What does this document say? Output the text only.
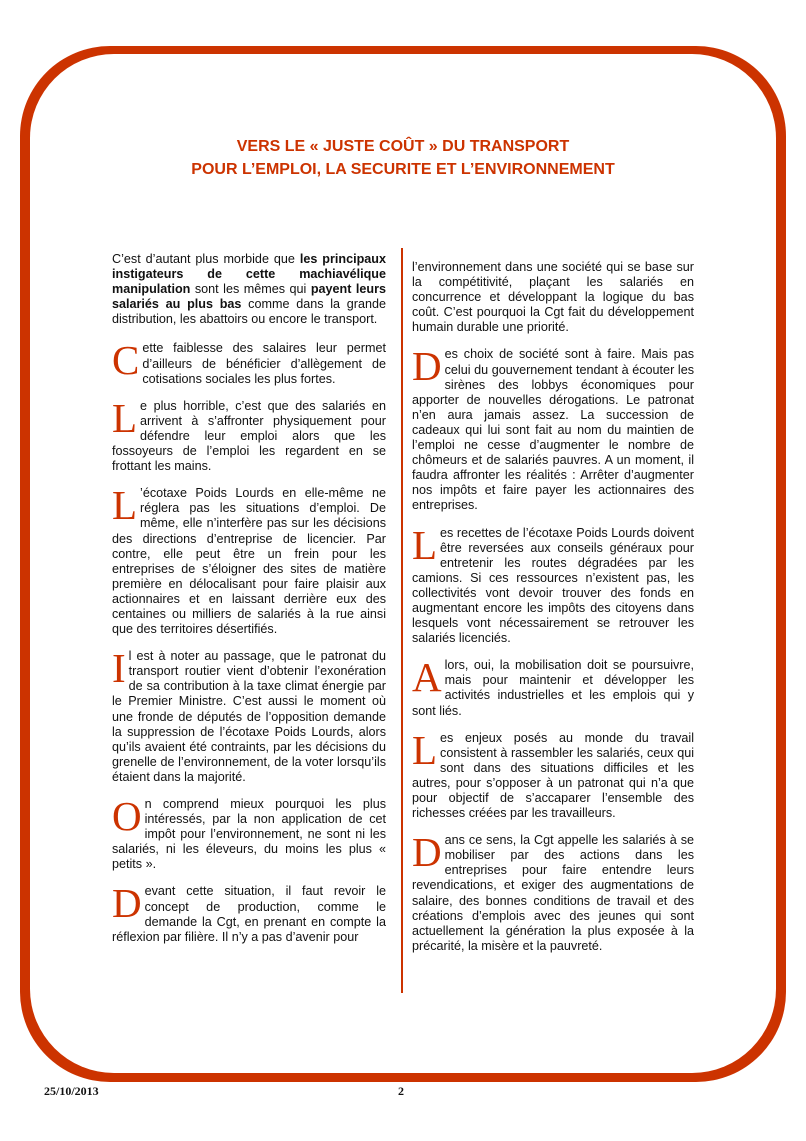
VERS LE « JUSTE COÛT » DU TRANSPORT
POUR L’EMPLOI, LA SECURITE ET L’ENVIRONNEMENT

C’est d’autant plus morbide que les principaux instigateurs de cette machiavélique manipulation sont les mêmes qui payent leurs salariés au plus bas comme dans la grande distribution, les abattoirs ou encore le transport.

Cette faiblesse des salaires leur permet d’ailleurs de bénéficier d’allègement de cotisations sociales les plus fortes.

Le plus horrible, c’est que des salariés en arrivent à s’affronter physiquement pour défendre leur emploi alors que les fossoyeurs de l’emploi les regardent en se frottant les mains.

L ’écotaxe Poids Lourds en elle-même ne réglera pas les situations d’emploi. De même, elle n’interfère pas sur les décisions des directions d’entreprise de licencier. Par contre, elle peut être un frein pour les entreprises de s’éloigner des sites de matière première en délocalisant pour faire plaisir aux actionnaires et en laissant derrière eux des centaines ou milliers de salariés à la rue ainsi que des territoires désertifiés.

Il est à noter au passage, que le patronat du transport routier vient d’obtenir l’exonération de sa contribution à la taxe climat énergie par le Premier Ministre. C’est aussi le moment où une fronde de députés de l’opposition demande la suppression de l’écotaxe Poids Lourds, alors qu’ils avaient été contraints, par les décisions du grenelle de l’environnement, de la voter lorsqu’ils étaient dans la majorité.

On comprend mieux pourquoi les plus intéressés, par la non application de cet impôt pour l’environnement, ne sont ni les salariés, ni les éleveurs, du moins les plus « petits ».

Devant cette situation, il faut revoir le concept de production, comme le demande la Cgt, en prenant en compte la réflexion par filière. Il n’y a pas d’avenir pour

l’environnement dans une société qui se base sur la compétitivité, plaçant les salariés en concurrence et développant la logique du bas coût. C’est pourquoi la Cgt fait du développement humain durable une priorité.

Des choix de société sont à faire. Mais pas celui du gouvernement tendant à écouter les sirènes des lobbys économiques pour apporter de nouvelles dérogations. Le patronat n’en aura jamais assez. La succession de cadeaux qui lui sont fait au nom du maintien de l’emploi ne cesse d’augmenter le nombre de chômeurs et de salariés pauvres. A un moment, il faudra affronter les réalités : Arrêter d’augmenter nos impôts et faire payer les actionnaires des entreprises.

Les recettes de l’écotaxe Poids Lourds doivent être reversées aux conseils généraux pour entretenir les routes dégradées par les camions. Si ces ressources n’existent pas, les collectivités vont devoir trouver des fonds en augmentant encore les impôts des citoyens dans lesquels vont nécessairement se retrouver les salariés licenciés.

Alors, oui, la mobilisation doit se poursuivre, mais pour maintenir et développer les activités industrielles et les emplois qui y sont liés.

Les enjeux posés au monde du travail consistent à rassembler les salariés, ceux qui sont dans des situations difficiles et les autres, pour s’opposer à un patronat qui n’a que pour objectif de s’accaparer l’ensemble des richesses créées par les travailleurs.

Dans ce sens, la Cgt appelle les salariés à se mobiliser par des actions dans les entreprises pour faire entendre leurs revendications, et exiger des augmentations de salaire, des bonnes conditions de travail et des créations d’emplois avec des jeunes qui sont actuellement la génération la plus exposée à la précarité, la misère et la pauvreté.

25/10/2013	2
